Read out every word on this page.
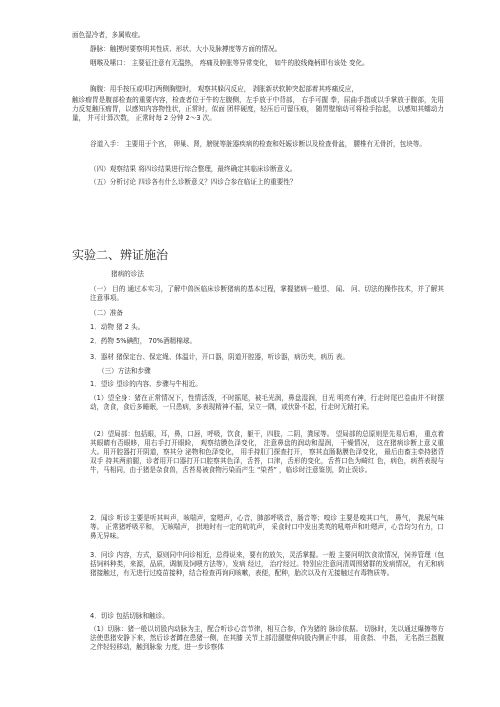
面色湿冷者，多属败症。
静脉：触摸时要察明其性质、形状、大小及脉搏度等方面的情况。
咽喉及嗉口： 主要征注意有无温热， 疼痛及肿胀等异常变化， 如牛的胶线俺柄即有该处 变化。
胸腹：用手按压或叩打两侧胸壁时， 观察其躲闪反应， 剥胀新状软肿突起部着其疼痛反应，
触诊瘤胃是腹部检查的重要内容，检查者位于牛的左腹侧，左手放于中背部， 右手可握 拳，屈曲手指或以手掌放于腹部，先用力反复触压瘤胃，以感知内容物性状，正常时，似面 团样硬度，轻压后可留压痕， 随胃壁缩动可将检手抬起， 以感知其蠕动力量， 并可计算次数， 正常时每 2 分钟 2〜3 次。
谷道入手： 主要用于个宫， 卵巢、肾，膀胱等脏器疾病的检查和妊娠诊断以及检查骨盆， 腰椎有无骨折，包块等。
（四）观察结果 将四诊结果进行综合整理，最终确定其临床诊断意义。
（五）分析讨论 四诊各有什么诊断意义？四诊合参在临证上的重要性？
实验二、辨证施治
猪病的诊法
（一） 目的 通过本实习，了解中兽医临床诊断猪病的基本过程，掌握猪病一般望、 闻、 问、切法的操作技术，并了解其注意事项。
（二）准备
1．动物 猪 2 头。
2．药物 5%碘酊， 70%酒精棉球。
3．器材 猪保定台、保定绳、体温计，开口器，阴道开腔器，听诊器，病历夹，病历 表。
（三）方法和步骤
1．望诊 望诊的内容、步骤与牛相近。
（1）望全身：猪在正常情况下，性情活泼，不时摇尾，被毛光润，鼻盘湿润，目光 明亮有神，行走时尾巴卷曲并不时摆动，贪食，食后多睡眠，一只患病，多表现精神不振，呆立一隅，或伏卧不起，行走时无精打采。
（2）望局部：包括眼，耳，鼻，口唇，呼吸，饮食，躯干，四肢，二阴，粪尿等。 望局部的总原则是先易后难， 重点着其眼睛有否眼眵，用右手打开眼睑， 观察结膜色泽变化， 注意鼻盘的润动和湿润， 干燥情况， 这在猪病诊断上意义重大。用开腔器打开阴道，察其分 泌物和色泽变化， 用手持肛门探查打开， 察其直肠黏膜色泽变化， 最后由畜主牵持猪背双手 持其两前腿，诊者用开口器打开口腔察其色泽，舌苔，口津，舌形的变化，舌苔口色为畸红 色，病色，病苔表现与牛，马相同，由于猪是杂食兽，舌苔易被食物污染而产生 “染苔” ，临诊时注意鉴别，防止误诊。
2．闻诊 听诊主要是听其叫声，咳喘声，窒嗯声，心音，肺部呼吸音，肠音等；嗅诊 主要是嗅其口气， 鼻气， 粪尿气味等。 正常猪呼吸平和， 无咳喘声， 拱地时有一定的吭吭声， 采食时口中发出类英的吼嗒声和吐嗯声，心音均匀有力，口鼻无异味。
3．问诊 内容，方式，原则同中问诊相近，总得说来，要有的放矢，灵活掌握。一般 主要问明饮食欲情况，饲养管理（包括饲料种类，来源，品质，调制及饲喂方法等），发病 经过， 治疗经过。特别应注意问清周围猪群的发病情况， 有无和病猪接触过，有无进行过疫苗接种，结合检查再询问咳嗽，表便，配种，胎次以及有无接触过有毒物质等。
4．切诊 包括切脉和触诊。
（1）切脉：猪一般以切股内动脉为主，配合听诊心音节律，相互合参，作为猪的 脉诊依据。 切脉时，先以通过爆擦等方法使患猪安静下来，然后诊者蹲在患猪一侧，在其膝 关节上部沿腿壁伸向股内侧正中部， 用食指、 中指， 无名指三指腹之伴轻轻移动，触到脉象 力度，进一步诊察体
